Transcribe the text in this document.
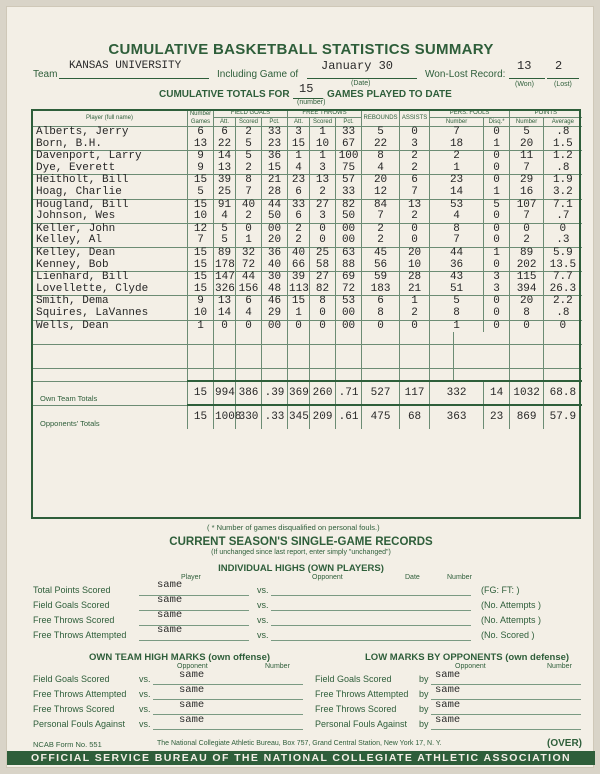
CUMULATIVE BASKETBALL STATISTICS SUMMARY
Team
KANSAS UNIVERSITY
Including Game of
January 30
(Date)
Won-Lost Record:
13 2
(Won)	(Lost)
CUMULATIVE TOTALS FOR 15
(number)
GAMES PLAYED TO DATE
Player (full name)	Number Games	FIELD GOALS			FREE THROWS			REBOUNDS	ASSISTS	PERS. FOULS			POINTS	
		Att.	Scored	Pct.	Att.	Scored	Pct.			Number		Disq.*	Number	Average
Alberts, Jerry	6	6	2	33	3	1	33	5	0	7		0	5	.8
Born, B.H.	13	22	5	23	15	10	67	22	3	18		1	20	1.5
Davenport, Larry	9	14	5	36	1	1	100	8	2	2		0	11	1.2
Dye, Everett	9	13	2	15	4	3	75	4	2	1		0	7	.8
Heitholt, Bill	15	39	8	21	23	13	57	20	6	23		0	29	1.9
Hoag, Charlie	5	25	7	28	6	2	33	12	7	14		1	16	3.2
Hougland, Bill	15	91	40	44	33	27	82	84	13	53		5	107	7.1
Johnson, Wes	10	4	2	50	6	3	50	7	2	4		0	7	.7
Keller, John	12	5	0	00	2	0	00	2	0	8		0	0	0
Kelley, Al	7	5	1	20	2	0	00	2	0	7		0	2	.3
Kelley, Dean	15	89	32	36	40	25	63	45	20	44		1	89	5.9
Kenney, Bob	15	178	72	40	66	58	88	56	10	36		0	202	13.5
Lienhard, Bill	15	147	44	30	39	27	69	59	28	43		3	115	7.7
Lovellette, Clyde	15	326	156	48	113	82	72	183	21	51		3	394	26.3
Smith, Dema	9	13	6	46	15	8	53	6	1	5		0	20	2.2
Squires, LaVannes	10	14	4	29	1	0	00	8	2	8		0	8	.8
Wells, Dean	1	0	0	00	0	0	00	0	0	1		0	0	0

Own Team Totals	15	994	386	.39	369	260	.71	527	117	332		14	1032	68.8
Opponents' Totals	15	1008	330	.33	345	209	.61	475	68	363		23	869	57.9
( * Number of games disqualified on personal fouls.)
CURRENT SEASON'S SINGLE-GAME RECORDS
(If unchanged since last report, enter simply "unchanged")
INDIVIDUAL HIGHS (OWN PLAYERS)
Player	Opponent	Date	Number
Total Points Scored	same	vs.	(FG: FT: )
Field Goals Scored	same	vs.	(No. Attempts )
Free Throws Scored	same	vs.	(No. Attempts )
Free Throws Attempted	same	vs.	(No. Scored )
OWN TEAM HIGH MARKS (own offense)	LOW MARKS BY OPPONENTS (own defense)
Opponent	Number	Opponent	Number
Field Goals Scored	vs.	same	Field Goals Scored	by same
Free Throws Attempted vs.	same	Free Throws Attempted by same
Free Throws Scored	vs.	same	Free Throws Scored	by same
Personal Fouls Against vs.	same	Personal Fouls Against by same
NCAB Form No. 551	The National Collegiate Athletic Bureau, Box 757, Grand Central Station, New York 17, N. Y.	(OVER)
OFFICIAL SERVICE BUREAU OF THE NATIONAL COLLEGIATE ATHLETIC ASSOCIATION
